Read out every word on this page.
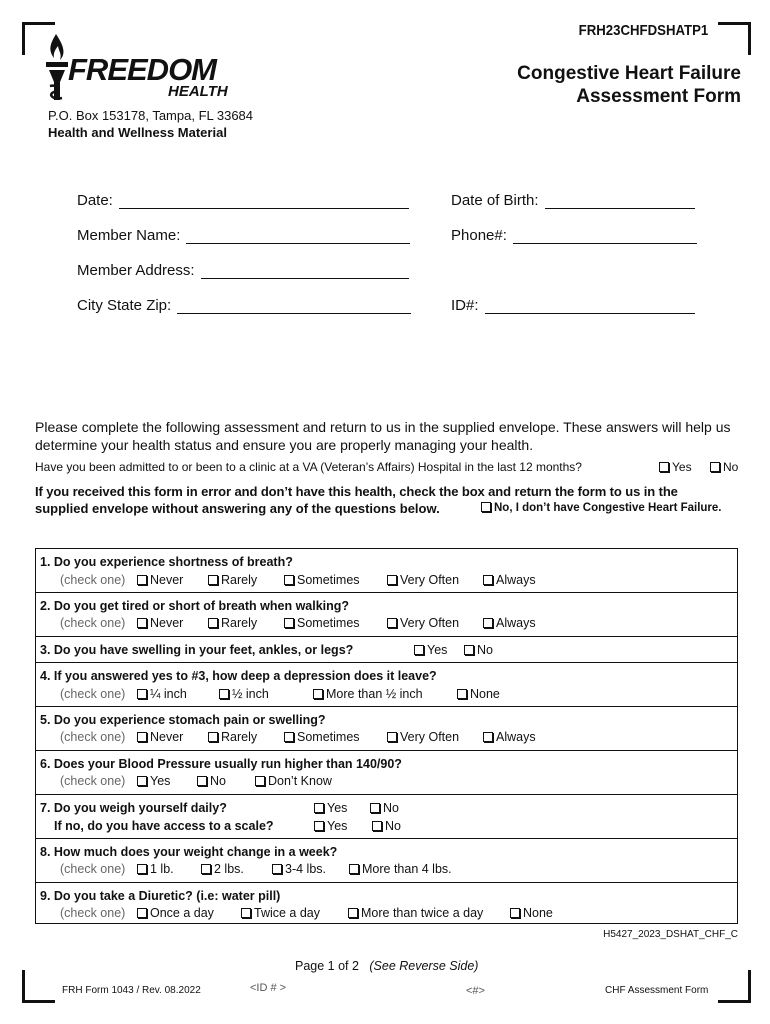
FRH23CHFDSHATP1
FREEDOM
HEALTH
Congestive Heart Failure
Assessment Form
P.O. Box 153178, Tampa, FL 33684
Health and Wellness Material
Date:	Date of Birth:
Member Name:	Phone#:
Member Address:
City State Zip:	ID#:
Please complete the following assessment and return to us in the supplied envelope. These answers will help us
determine your health status and ensure you are properly managing your health.
Have you been admitted to or been to a clinic at a VA (Veteran’s Affairs) Hospital in the last 12 months?	Yes	No
If you received this form in error and don’t have this health, check the box and return the form to us in the
supplied envelope without answering any of the questions below.	No, I don’t have Congestive Heart Failure.
1. Do you experience shortness of breath?
(check one)	Never	Rarely	Sometimes	Very Often	Always
2. Do you get tired or short of breath when walking?
(check one)	Never	Rarely	Sometimes	Very Often	Always
3. Do you have swelling in your feet, ankles, or legs?	Yes	No
4. If you answered yes to #3, how deep a depression does it leave?
(check one)	¼ inch	½ inch	More than ½ inch	None
5. Do you experience stomach pain or swelling?
(check one)	Never	Rarely	Sometimes	Very Often	Always
6. Does your Blood Pressure usually run higher than 140/90?
(check one)	Yes	No	Don’t Know
7. Do you weigh yourself daily?	Yes	No
If no, do you have access to a scale?	Yes	No
8. How much does your weight change in a week?
(check one)	1 lb.	2 lbs.	3-4 lbs.	More than 4 lbs.
9. Do you take a Diuretic? (i.e: water pill)
(check one)	Once a day	Twice a day	More than twice a day	None
H5427_2023_DSHAT_CHF_C
Page 1 of 2 (See Reverse Side)
FRH Form 1043 / Rev. 08.2022	<ID # >	<#>	CHF Assessment Form
